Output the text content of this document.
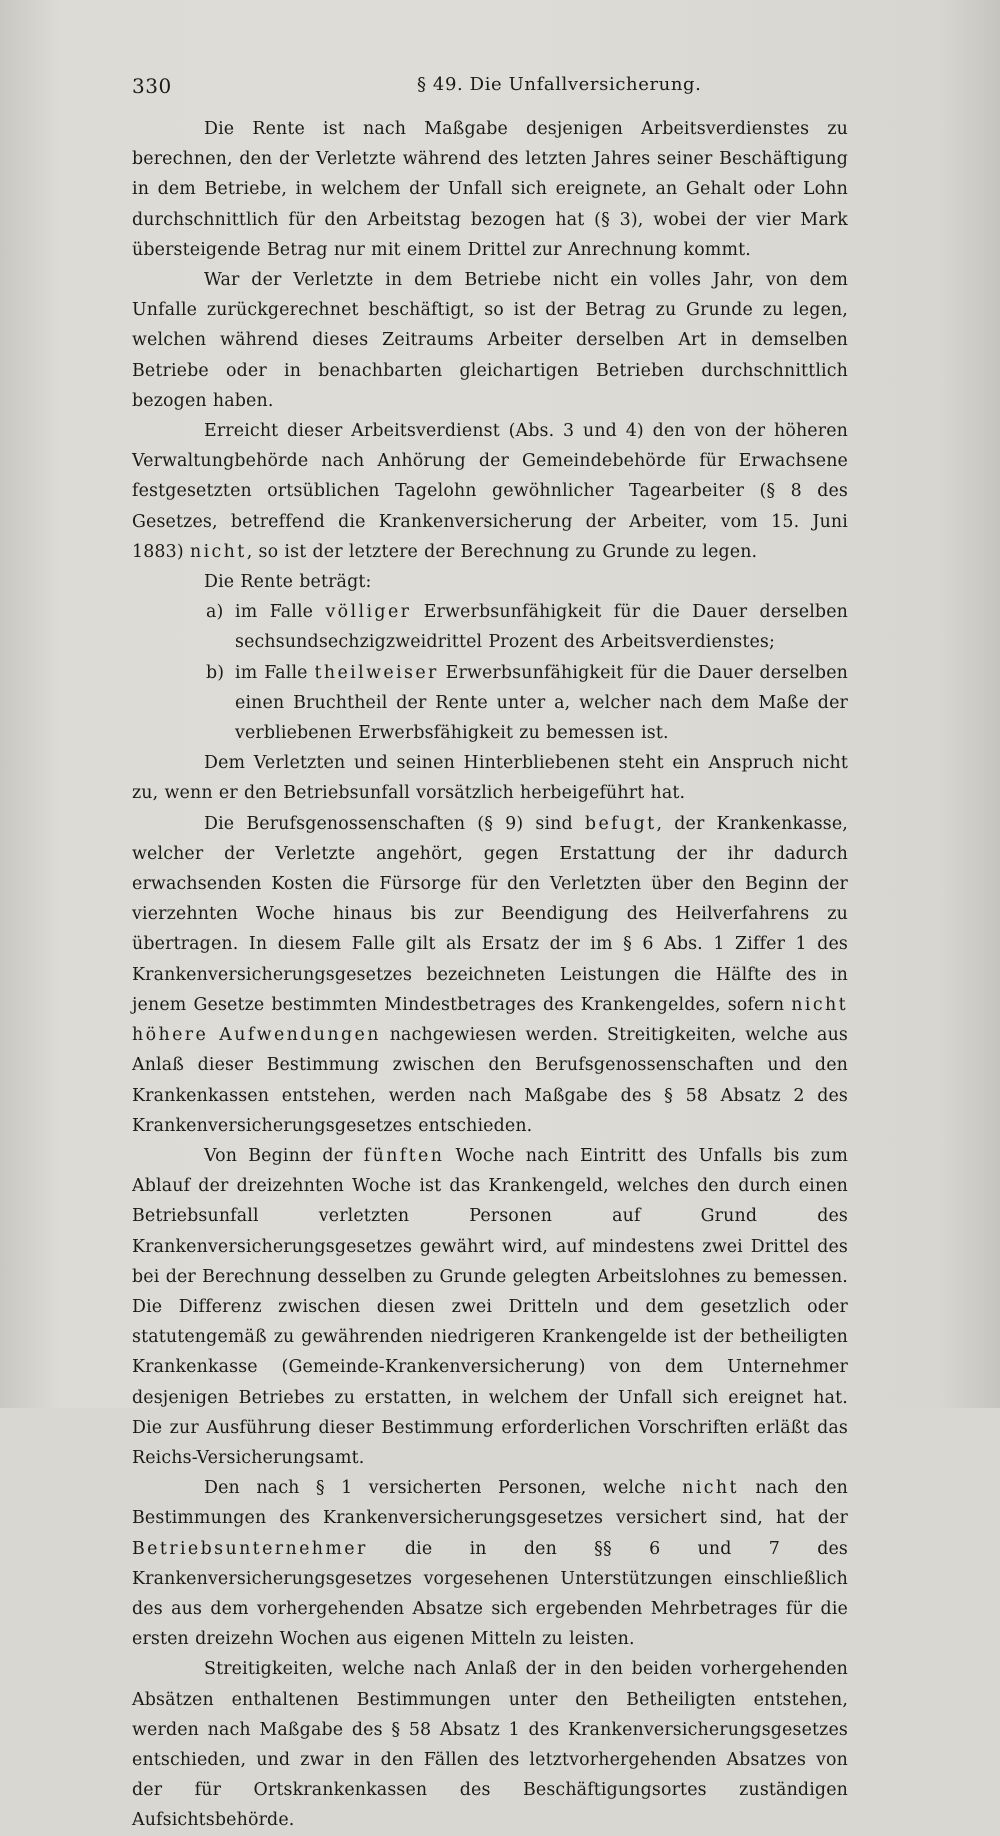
330	§ 49. Die Unfallversicherung.

Die Rente ist nach Maßgabe desjenigen Arbeitsverdienstes zu berechnen, den der Verletzte während des letzten Jahres seiner Beschäftigung in dem Betriebe, in welchem der Unfall sich ereignete, an Gehalt oder Lohn durchschnittlich für den Arbeitstag bezogen hat (§ 3), wobei der vier Mark übersteigende Betrag nur mit einem Drittel zur Anrechnung kommt.

War der Verletzte in dem Betriebe nicht ein volles Jahr, von dem Unfalle zurückgerechnet beschäftigt, so ist der Betrag zu Grunde zu legen, welchen während dieses Zeitraums Arbeiter derselben Art in demselben Betriebe oder in benachbarten gleichartigen Betrieben durchschnittlich bezogen haben.

Erreicht dieser Arbeitsverdienst (Abs. 3 und 4) den von der höheren Verwaltungbehörde nach Anhörung der Gemeindebehörde für Erwachsene festgesetzten ortsüblichen Tagelohn gewöhnlicher Tagearbeiter (§ 8 des Gesetzes, betreffend die Krankenversicherung der Arbeiter, vom 15. Juni 1883) nicht, so ist der letztere der Berechnung zu Grunde zu legen.

Die Rente beträgt:

a) im Falle völliger Erwerbsunfähigkeit für die Dauer derselben sechsundsechzigzweidrittel Prozent des Arbeitsverdienstes;

b) im Falle theilweiser Erwerbsunfähigkeit für die Dauer derselben einen Bruchtheil der Rente unter a, welcher nach dem Maße der verbliebenen Erwerbsfähigkeit zu bemessen ist.

Dem Verletzten und seinen Hinterbliebenen steht ein Anspruch nicht zu, wenn er den Betriebsunfall vorsätzlich herbeigeführt hat.

Die Berufsgenossenschaften (§ 9) sind befugt, der Krankenkasse, welcher der Verletzte angehört, gegen Erstattung der ihr dadurch erwachsenden Kosten die Fürsorge für den Verletzten über den Beginn der vierzehnten Woche hinaus bis zur Beendigung des Heilverfahrens zu übertragen. In diesem Falle gilt als Ersatz der im § 6 Abs. 1 Ziffer 1 des Krankenversicherungsgesetzes bezeichneten Leistungen die Hälfte des in jenem Gesetze bestimmten Mindestbetrages des Krankengeldes, sofern nicht höhere Aufwendungen nachgewiesen werden. Streitigkeiten, welche aus Anlaß dieser Bestimmung zwischen den Berufsgenossenschaften und den Krankenkassen entstehen, werden nach Maßgabe des § 58 Absatz 2 des Krankenversicherungsgesetzes entschieden.

Von Beginn der fünften Woche nach Eintritt des Unfalls bis zum Ablauf der dreizehnten Woche ist das Krankengeld, welches den durch einen Betriebsunfall verletzten Personen auf Grund des Krankenversicherungsgesetzes gewährt wird, auf mindestens zwei Drittel des bei der Berechnung desselben zu Grunde gelegten Arbeitslohnes zu bemessen. Die Differenz zwischen diesen zwei Dritteln und dem gesetzlich oder statutengemäß zu gewährenden niedrigeren Krankengelde ist der betheiligten Krankenkasse (Gemeinde-Krankenversicherung) von dem Unternehmer desjenigen Betriebes zu erstatten, in welchem der Unfall sich ereignet hat. Die zur Ausführung dieser Bestimmung erforderlichen Vorschriften erläßt das Reichs-Versicherungsamt.

Den nach § 1 versicherten Personen, welche nicht nach den Bestimmungen des Krankenversicherungsgesetzes versichert sind, hat der Betriebsunternehmer die in den §§ 6 und 7 des Krankenversicherungsgesetzes vorgesehenen Unterstützungen einschließlich des aus dem vorhergehenden Absatze sich ergebenden Mehrbetrages für die ersten dreizehn Wochen aus eigenen Mitteln zu leisten.

Streitigkeiten, welche nach Anlaß der in den beiden vorhergehenden Absätzen enthaltenen Bestimmungen unter den Betheiligten entstehen, werden nach Maßgabe des § 58 Absatz 1 des Krankenversicherungsgesetzes entschieden, und zwar in den Fällen des letztvorhergehenden Absatzes von der für Ortskrankenkassen des Beschäftigungsortes zuständigen Aufsichtsbehörde.
